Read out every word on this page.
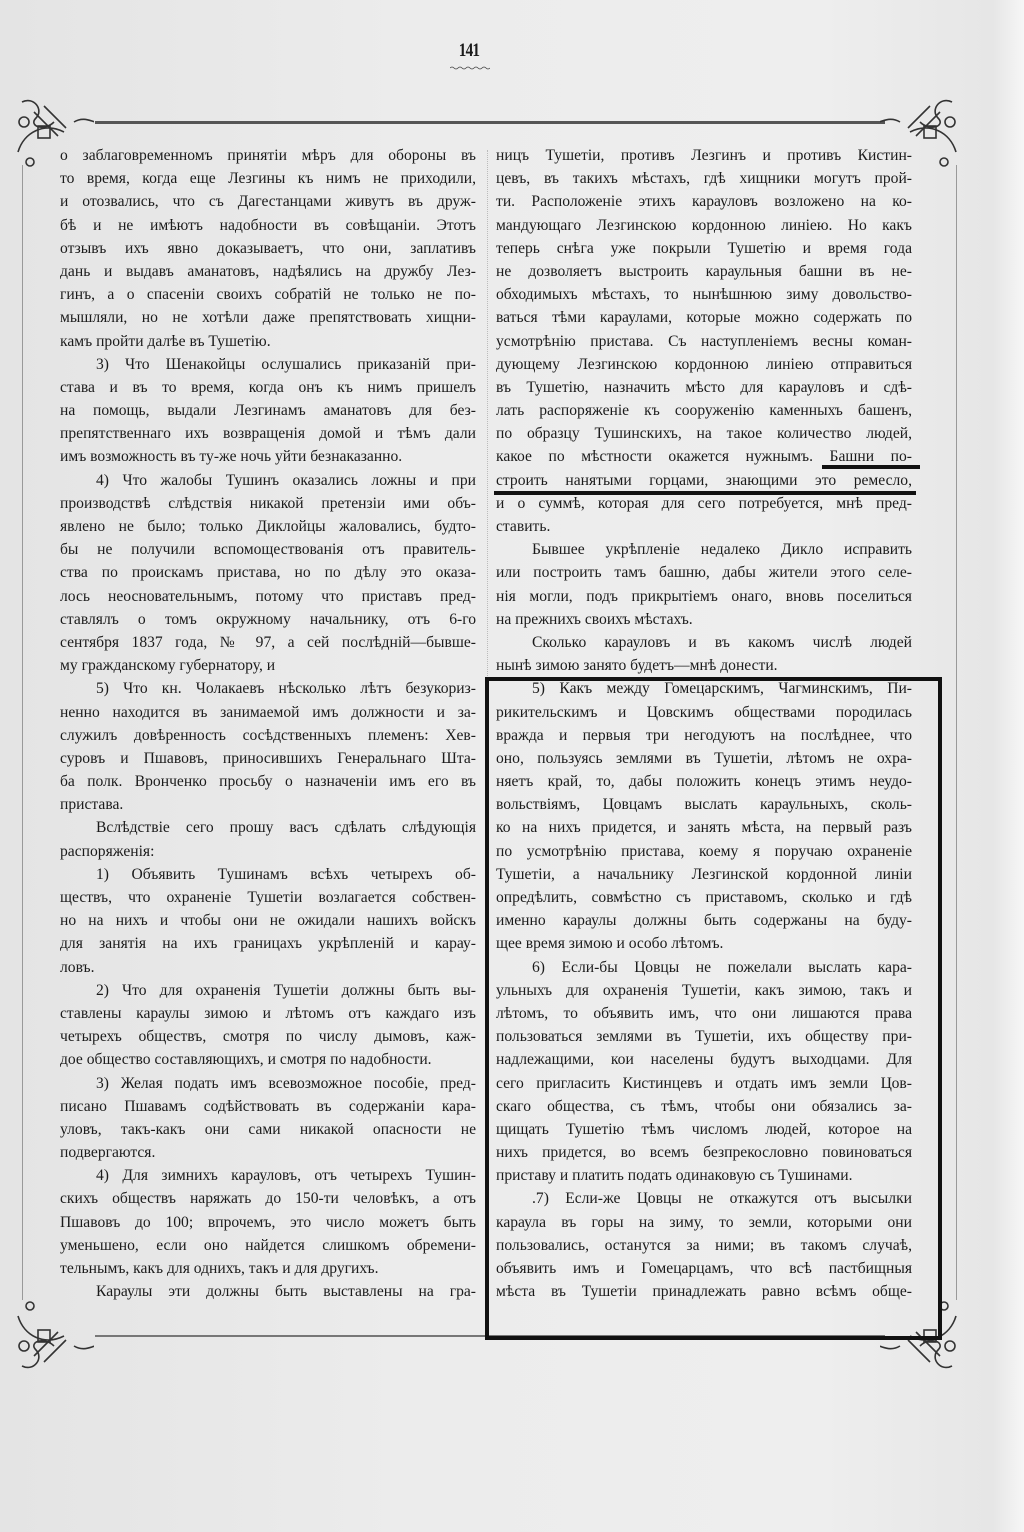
141
о заблаговременномъ принятіи мѣръ для обороны въ
то время, когда еще Лезгины къ нимъ не приходили,
и отозвались, что съ Дагестанцами живутъ въ друж-
бѣ и не имѣютъ надобности въ совѣщаніи. Этотъ
отзывъ ихъ явно доказываетъ, что они, заплативъ
дань и выдавъ аманатовъ, надѣялись на дружбу Лез-
гинъ, а о спасеніи своихъ собратій не только не по-
мышляли, но не хотѣли даже препятствовать хищни-
камъ пройти далѣе въ Тушетію.
3) Что Шенакойцы ослушались приказаній при-
става и въ то время, когда онъ къ нимъ пришелъ
на помощь, выдали Лезгинамъ аманатовъ для без-
препятственнаго ихъ возвращенія домой и тѣмъ дали
имъ возможность въ ту-же ночь уйти безнаказанно.
4) Что жалобы Тушинъ оказались ложны и при
производствѣ слѣдствія никакой претензіи ими объ-
явлено не было; только Диклойцы жаловались, будто-
бы не получили вспомоществованія отъ правитель-
ства по проискамъ пристава, но по дѣлу это оказа-
лось неосновательнымъ, потому что приставъ пред-
ставлялъ о томъ окружному начальнику, отъ 6-го
сентября 1837 года, № 97, а сей послѣдній—бывше-
му гражданскому губернатору, и
5) Что кн. Чолакаевъ нѣсколько лѣтъ безукориз-
ненно находится въ занимаемой имъ должности и за-
служилъ довѣренность сосѣдственныхъ племенъ: Хев-
суровъ и Пшавовъ, приносившихъ Генеральнаго Шта-
ба полк. Вронченко просьбу о назначеніи имъ его въ
пристава.
Вслѣдствіе сего прошу васъ сдѣлать слѣдующія
распоряженія:
1) Объявить Тушинамъ всѣхъ четырехъ об-
ществъ, что охраненіе Тушетіи возлагается собствен-
но на нихъ и чтобы они не ожидали нашихъ войскъ
для занятія на ихъ границахъ укрѣпленій и карау-
ловъ.
2) Что для охраненія Тушетіи должны быть вы-
ставлены караулы зимою и лѣтомъ отъ каждаго изъ
четырехъ обществъ, смотря по числу дымовъ, каж-
дое общество составляющихъ, и смотря по надобности.
3) Желая подать имъ всевозможное пособіе, пред-
писано Пшавамъ содѣйствовать въ содержаніи кара-
уловъ, такъ-какъ они сами никакой опасности не
подвергаются.
4) Для зимнихъ карауловъ, отъ четырехъ Тушин-
скихъ обществъ наряжать до 150-ти человѣкъ, а отъ
Пшавовъ до 100; впрочемъ, это число можетъ быть
уменьшено, если оно найдется слишкомъ обремени-
тельнымъ, какъ для однихъ, такъ и для другихъ.
Караулы эти должны быть выставлены на гра-
ницъ Тушетіи, противъ Лезгинъ и противъ Кистин-
цевъ, въ такихъ мѣстахъ, гдѣ хищники могутъ прой-
ти. Расположеніе этихъ карауловъ возложено на ко-
мандующаго Лезгинскою кордонною линіею. Но какъ
теперь снѣга уже покрыли Тушетію и время года
не дозволяетъ выстроить караульныя башни въ не-
обходимыхъ мѣстахъ, то нынѣшнюю зиму довольство-
ваться тѣми караулами, которые можно содержать по
усмотрѣнію пристава. Съ наступленіемъ весны коман-
дующему Лезгинскою кордонною линіею отправиться
въ Тушетію, назначить мѣсто для карауловъ и сдѣ-
лать распоряженіе къ сооруженію каменныхъ башенъ,
по образцу Тушинскихъ, на такое количество людей,
какое по мѣстности окажется нужнымъ. Башни по-
строить нанятыми горцами, знающими это ремесло,
и о суммѣ, которая для сего потребуется, мнѣ пред-
ставить.
Бывшее укрѣпленіе недалеко Дикло исправить
или построить тамъ башню, дабы жители этого селе-
нія могли, подъ прикрытіемъ онаго, вновь поселиться
на прежнихъ своихъ мѣстахъ.
Сколько карауловъ и въ какомъ числѣ людей
нынѣ зимою занято будетъ—мнѣ донести.
5) Какъ между Гомецарскимъ, Чагминскимъ, Пи-
рикительскимъ и Цовскимъ обществами породилась
вражда и первыя три негодуютъ на послѣднее, что
оно, пользуясь землями въ Тушетіи, лѣтомъ не охра-
няетъ край, то, дабы положить конецъ этимъ неудо-
вольствіямъ, Цовцамъ выслать караульныхъ, сколь-
ко на нихъ придется, и занять мѣста, на первый разъ
по усмотрѣнію пристава, коему я поручаю охраненіе
Тушетіи, а начальнику Лезгинской кордонной линіи
опредѣлить, совмѣстно съ приставомъ, сколько и гдѣ
именно караулы должны быть содержаны на буду-
щее время зимою и особо лѣтомъ.
6) Если-бы Цовцы не пожелали выслать кара-
ульныхъ для охраненія Тушетіи, какъ зимою, такъ и
лѣтомъ, то объявить имъ, что они лишаются права
пользоваться землями въ Тушетіи, ихъ обществу при-
надлежащими, кои населены будутъ выходцами. Для
сего пригласить Кистинцевъ и отдать имъ земли Цов-
скаго общества, съ тѣмъ, чтобы они обязались за-
щищать Тушетію тѣмъ числомъ людей, которое на
нихъ придется, во всемъ безпрекословно повиноваться
приставу и платить подать одинаковую съ Тушинами.
.7) Если-же Цовцы не откажутся отъ высылки
караула въ горы на зиму, то земли, которыми они
пользовались, останутся за ними; въ такомъ случаѣ,
объявить имъ и Гомецарцамъ, что всѣ пастбищныя
мѣста въ Тушетіи принадлежать равно всѣмъ обще-
